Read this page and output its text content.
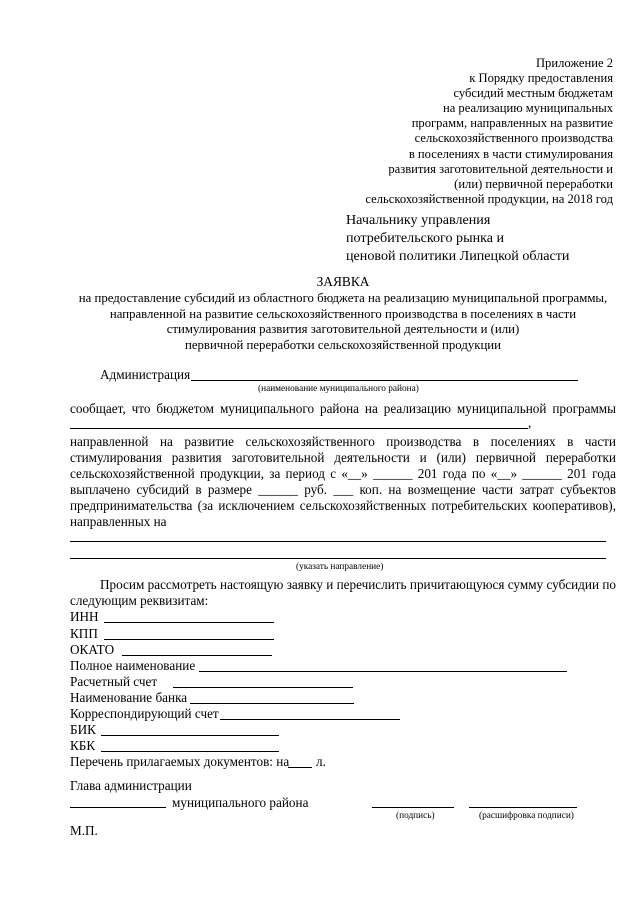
Приложение 2
к Порядку предоставления
субсидий местным бюджетам
на реализацию муниципальных
программ, направленных на развитие
сельскохозяйственного производства
в поселениях в части стимулирования
развития заготовительной деятельности и
(или) первичной переработки
сельскохозяйственной продукции, на 2018 год
Начальнику управления
потребительского рынка и
ценовой политики Липецкой области
ЗАЯВКА
на предоставление субсидий из областного бюджета на реализацию муниципальной программы,
направленной на развитие сельскохозяйственного производства в поселениях в части
стимулирования развития заготовительной деятельности и (или)
первичной переработки сельскохозяйственной продукции
Администрация
(наименование муниципального района)
сообщает, что бюджетом муниципального района на реализацию муниципальной программы
,
направленной на развитие сельскохозяйственного производства в поселениях в части
стимулирования развития заготовительной деятельности и (или) первичной переработки
сельскохозяйственной продукции, за период с «__» ______ 201 года по «__» ______ 201 года
выплачено субсидий в размере ______ руб. ___ коп. на возмещение части затрат субъектов
предпринимательства (за исключением сельскохозяйственных потребительских кооперативов),
направленных на
(указать направление)
Просим рассмотреть настоящую заявку и перечислить причитающуюся сумму субсидии по
следующим реквизитам:
ИНН
КПП
ОКАТО
Полное наименование
Расчетный счет
Наименование банка
Корреспондирующий счет
БИК
КБК
Перечень прилагаемых документов: на л.
Глава администрации
муниципального района
(подпись)	(расшифровка подписи)
М.П.
